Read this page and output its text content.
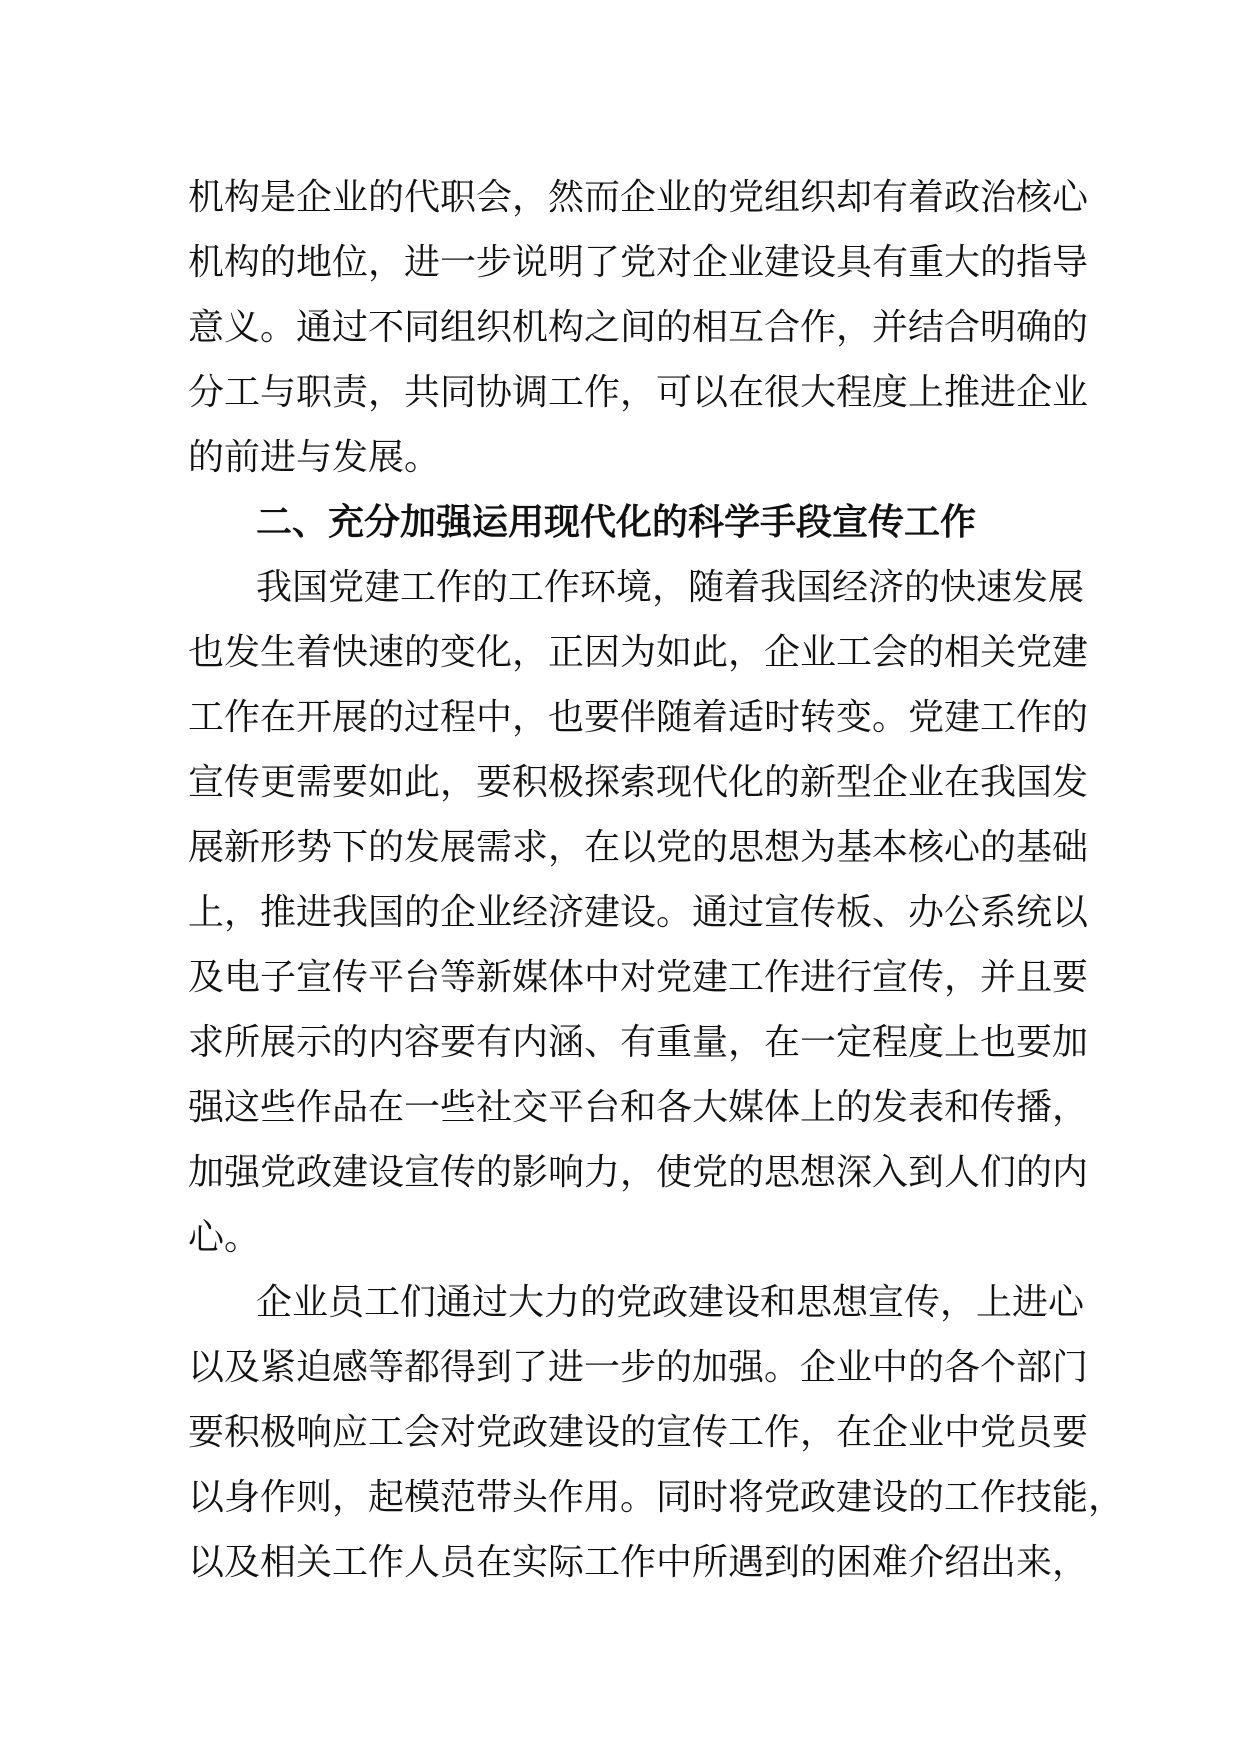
机构是企业的代职会，然而企业的党组织却有着政治核心
机构的地位，进一步说明了党对企业建设具有重大的指导
意义。通过不同组织机构之间的相互合作，并结合明确的
分工与职责，共同协调工作，可以在很大程度上推进企业
的前进与发展。
二、充分加强运用现代化的科学手段宣传工作
我国党建工作的工作环境，随着我国经济的快速发展
也发生着快速的变化，正因为如此，企业工会的相关党建
工作在开展的过程中，也要伴随着适时转变。党建工作的
宣传更需要如此，要积极探索现代化的新型企业在我国发
展新形势下的发展需求，在以党的思想为基本核心的基础
上，推进我国的企业经济建设。通过宣传板、办公系统以
及电子宣传平台等新媒体中对党建工作进行宣传，并且要
求所展示的内容要有内涵、有重量，在一定程度上也要加
强这些作品在一些社交平台和各大媒体上的发表和传播，
加强党政建设宣传的影响力，使党的思想深入到人们的内
心。
企业员工们通过大力的党政建设和思想宣传，上进心
以及紧迫感等都得到了进一步的加强。企业中的各个部门
要积极响应工会对党政建设的宣传工作，在企业中党员要
以身作则，起模范带头作用。同时将党政建设的工作技能，
以及相关工作人员在实际工作中所遇到的困难介绍出来，
